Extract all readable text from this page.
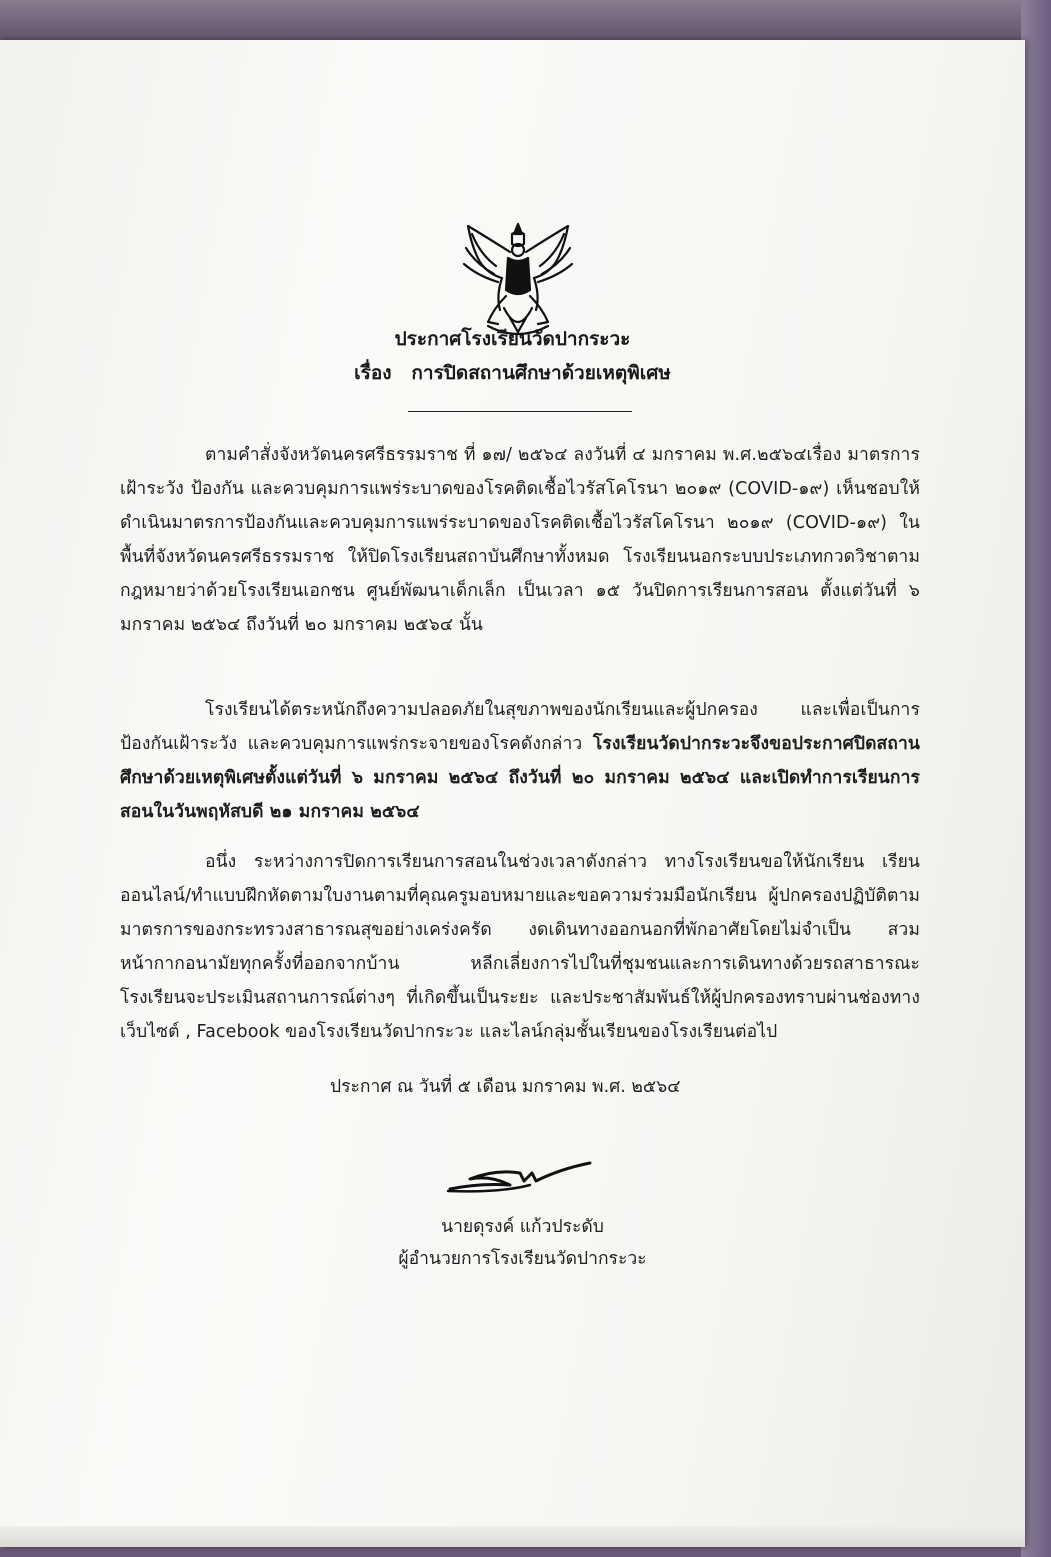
ประกาศโรงเรียนวัดปากระวะ
เรื่อง การปิดสถานศึกษาด้วยเหตุพิเศษ
ตามคำสั่งจังหวัดนครศรีธรรมราช ที่ ๑๗/ ๒๕๖๔ ลงวันที่ ๔ มกราคม พ.ศ.๒๕๖๔เรื่อง มาตรการเฝ้าระวัง ป้องกัน และควบคุมการแพร่ระบาดของโรคติดเชื้อไวรัสโคโรนา ๒๐๑๙ (COVID-๑๙) เห็นชอบให้ดำเนินมาตรการป้องกันและควบคุมการแพร่ระบาดของโรคติดเชื้อไวรัสโคโรนา ๒๐๑๙ (COVID-๑๙) ในพื้นที่จังหวัดนครศรีธรรมราช ให้ปิดโรงเรียนสถาบันศึกษาทั้งหมด โรงเรียนนอกระบบประเภทกวดวิชาตามกฎหมายว่าด้วยโรงเรียนเอกชน ศูนย์พัฒนาเด็กเล็ก เป็นเวลา ๑๕ วันปิดการเรียนการสอน ตั้งแต่วันที่ ๖ มกราคม ๒๕๖๔ ถึงวันที่ ๒๐ มกราคม ๒๕๖๔ นั้น
โรงเรียนได้ตระหนักถึงความปลอดภัยในสุขภาพของนักเรียนและผู้ปกครอง และเพื่อเป็นการป้องกันเฝ้าระวัง และควบคุมการแพร่กระจายของโรคดังกล่าว โรงเรียนวัดปากระวะจึงขอประกาศปิดสถานศึกษาด้วยเหตุพิเศษตั้งแต่วันที่ ๖ มกราคม ๒๕๖๔ ถึงวันที่ ๒๐ มกราคม ๒๕๖๔ และเปิดทำการเรียนการสอนในวันพฤหัสบดี ๒๑ มกราคม ๒๕๖๔
อนึ่ง ระหว่างการปิดการเรียนการสอนในช่วงเวลาดังกล่าว ทางโรงเรียนขอให้นักเรียน เรียนออนไลน์/ทำแบบฝึกหัดตามใบงานตามที่คุณครูมอบหมายและขอความร่วมมือนักเรียน ผู้ปกครองปฏิบัติตามมาตรการของกระทรวงสาธารณสุขอย่างเคร่งครัด งดเดินทางออกนอกที่พักอาศัยโดยไม่จำเป็น สวมหน้ากากอนามัยทุกครั้งที่ออกจากบ้าน หลีกเลี่ยงการไปในที่ชุมชนและการเดินทางด้วยรถสาธารณะ โรงเรียนจะประเมินสถานการณ์ต่างๆ ที่เกิดขึ้นเป็นระยะ และประชาสัมพันธ์ให้ผู้ปกครองทราบผ่านช่องทาง เว็บไซต์ , Facebook ของโรงเรียนวัดปากระวะ และไลน์กลุ่มชั้นเรียนของโรงเรียนต่อไป
ประกาศ ณ วันที่ ๕ เดือน มกราคม พ.ศ. ๒๕๖๔
นายดุรงค์ แก้วประดับ
ผู้อำนวยการโรงเรียนวัดปากระวะ
